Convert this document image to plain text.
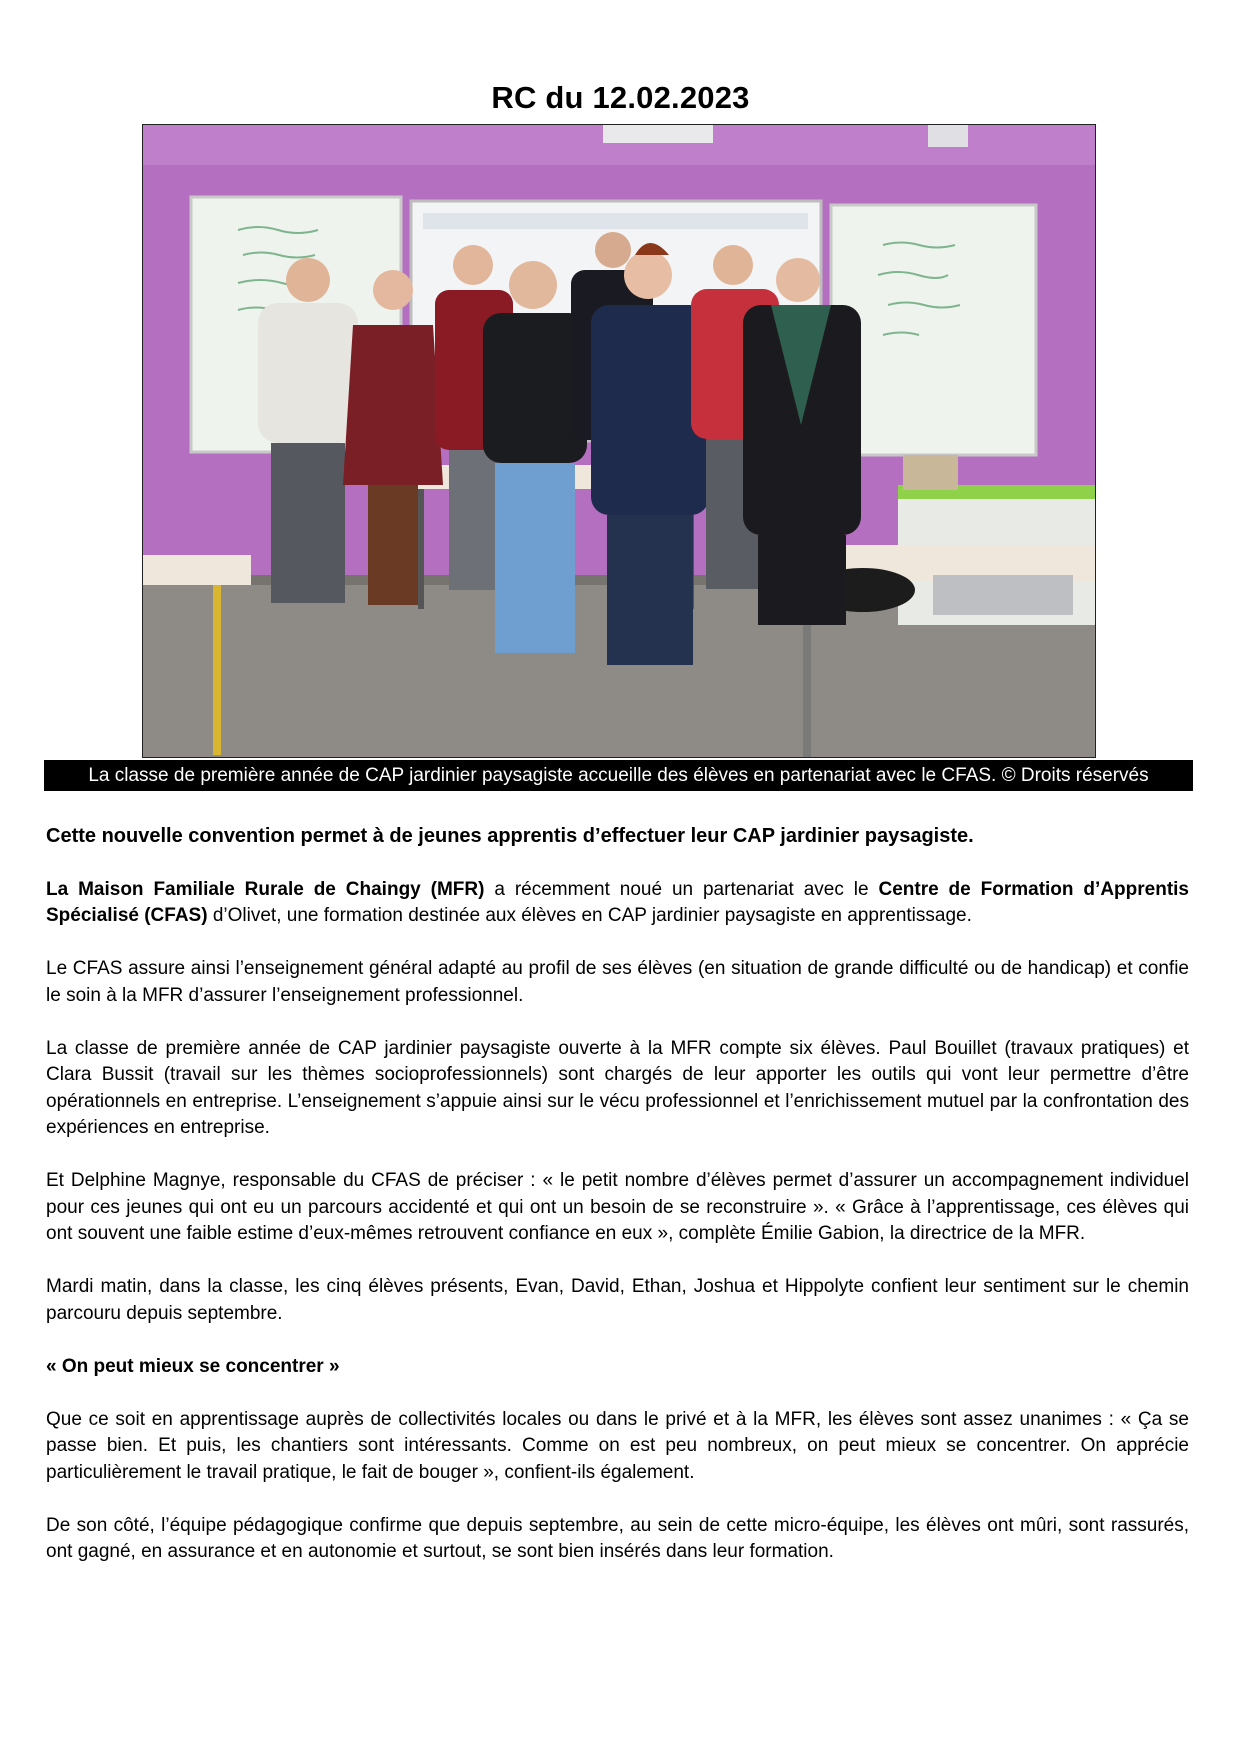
RC du 12.02.2023
La classe de première année de CAP jardinier paysagiste accueille des élèves en partenariat avec le CFAS. © Droits réservés

Cette nouvelle convention permet à de jeunes apprentis d’effectuer leur CAP jardinier paysagiste.

La Maison Familiale Rurale de Chaingy (MFR) a récemment noué un partenariat avec le Centre de Formation d’Apprentis Spécialisé (CFAS) d’Olivet, une formation destinée aux élèves en CAP jardinier paysagiste en apprentissage.

Le CFAS assure ainsi l’enseignement général adapté au profil de ses élèves (en situation de grande difficulté ou de handicap) et confie le soin à la MFR d’assurer l’enseignement professionnel.

La classe de première année de CAP jardinier paysagiste ouverte à la MFR compte six élèves. Paul Bouillet (travaux pratiques) et Clara Bussit (travail sur les thèmes socioprofessionnels) sont chargés de leur apporter les outils qui vont leur permettre d’être opérationnels en entreprise. L’enseignement s’appuie ainsi sur le vécu professionnel et l’enrichissement mutuel par la confrontation des expériences en entreprise.

Et Delphine Magnye, responsable du CFAS de préciser : « le petit nombre d’élèves permet d’assurer un accompagnement individuel pour ces jeunes qui ont eu un parcours accidenté et qui ont un besoin de se reconstruire ». « Grâce à l’apprentissage, ces élèves qui ont souvent une faible estime d’eux-mêmes retrouvent confiance en eux », complète Émilie Gabion, la directrice de la MFR.

Mardi matin, dans la classe, les cinq élèves présents, Evan, David, Ethan, Joshua et Hippolyte confient leur sentiment sur le chemin parcouru depuis septembre.

« On peut mieux se concentrer »

Que ce soit en apprentissage auprès de collectivités locales ou dans le privé et à la MFR, les élèves sont assez unanimes : « Ça se passe bien. Et puis, les chantiers sont intéressants. Comme on est peu nombreux, on peut mieux se concentrer. On apprécie particulièrement le travail pratique, le fait de bouger », confient-ils également.

De son côté, l’équipe pédagogique confirme que depuis septembre, au sein de cette micro-équipe, les élèves ont mûri, sont rassurés, ont gagné, en assurance et en autonomie et surtout, se sont bien insérés dans leur formation.
